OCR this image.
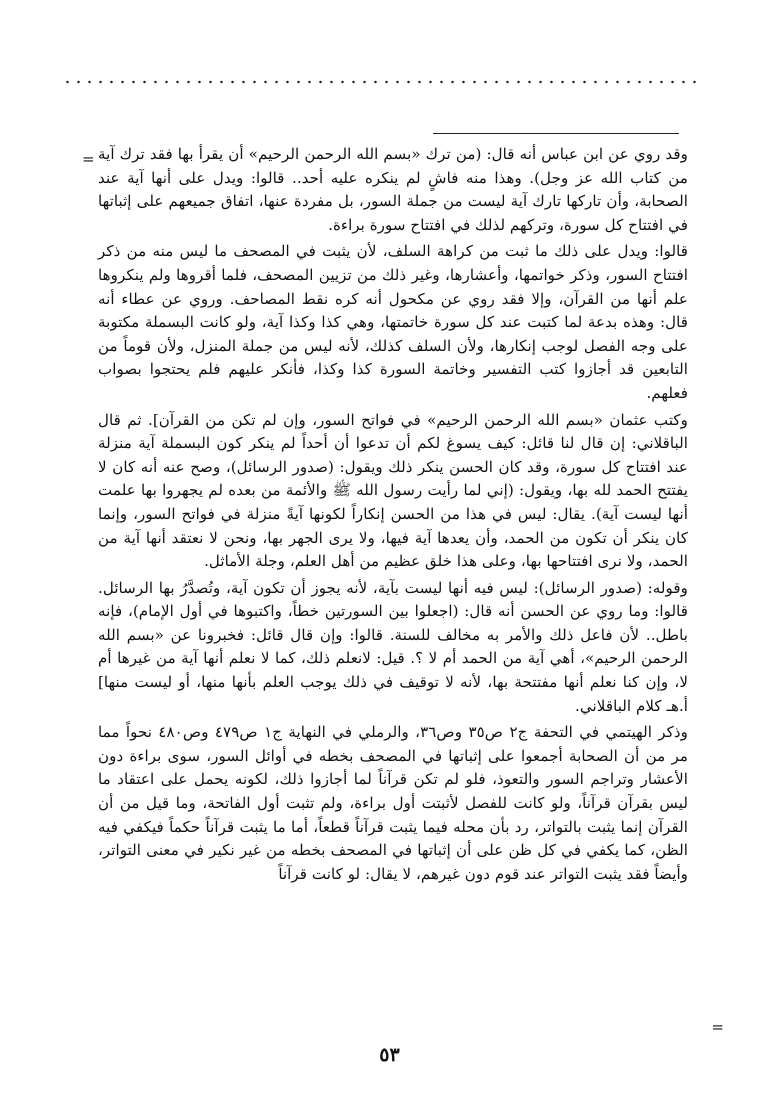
= وقد روي عن ابن عباس أنه قال: (من ترك «بسم الله الرحمن الرحيم» أن يقرأ بها فقد ترك آية من كتاب الله عز وجل). وهذا منه فاشٍ لم ينكره عليه أحد.. قالوا: ويدل على أنها آية عند الصحابة، وأن تاركها تارك آية ليست من جملة السور، بل مفردة عنها، اتفاق جميعهم على إثباتها في افتتاح كل سورة، وتركهم لذلك في افتتاح سورة براءة.

قالوا: ويدل على ذلك ما ثبت من كراهة السلف، لأن يثبت في المصحف ما ليس منه من ذكر افتتاح السور، وذكر خواتمها، وأعشارها، وغير ذلك من تزيين المصحف، فلما أقروها ولم ينكروها علم أنها من القرآن، وإلا فقد روي عن مكحول أنه كره نقط المصاحف. وروي عن عطاء أنه قال: وهذه بدعة لما كتبت عند كل سورة خاتمتها، وهي كذا وكذا آية، ولو كانت البسملة مكتوبة على وجه الفصل لوجب إنكارها، ولأن السلف كذلك، لأنه ليس من جملة المنزل، ولأن قوماً من التابعين قد أجازوا كتب التفسير وخاتمة السورة كذا وكذا، فأنكر عليهم فلم يحتجوا بصواب فعلهم.

وكتب عثمان «بسم الله الرحمن الرحيم» في فواتح السور، وإن لم تكن من القرآن]. ثم قال الباقلاني: إن قال لنا قائل: كيف يسوغ لكم أن تدعوا أن أحداً لم ينكر كون البسملة آية منزلة عند افتتاح كل سورة، وقد كان الحسن ينكر ذلك ويقول: (صدور الرسائل)، وصح عنه أنه كان لا يفتتح الحمد لله بها، ويقول: (إني لما رأيت رسول الله ﷺ والأئمة من بعده لم يجهروا بها علمت أنها ليست آية). يقال: ليس في هذا من الحسن إنكاراً لكونها آيةً منزلة في فواتح السور، وإنما كان ينكر أن تكون من الحمد، وأن يعدها آية فيها، ولا يرى الجهر بها، ونحن لا نعتقد أنها آية من الحمد، ولا نرى افتتاحها بها، وعلى هذا خلق عظيم من أهل العلم، وجلة الأماثل.

وقوله: (صدور الرسائل): ليس فيه أنها ليست بآية، لأنه يجوز أن تكون آية، وتُصدَّرُ بها الرسائل. قالوا: وما روي عن الحسن أنه قال: (اجعلوا بين السورتين خطاً، واكتبوها في أول الإمام)، فإنه باطل.. لأن فاعل ذلك والأمر به مخالف للسنة. قالوا: وإن قال قائل: فخبرونا عن «بسم الله الرحمن الرحيم»، أهي آية من الحمد أم لا ؟. قيل: لانعلم ذلك، كما لا نعلم أنها آية من غيرها أم لا، وإن كنا نعلم أنها مفتتحة بها، لأنه لا توقيف في ذلك يوجب العلم بأنها منها، أو ليست منها] أ.هـ كلام الباقلاني.

وذكر الهيتمي في التحفة ج٢ ص٣٥ وص٣٦، والرملي في النهاية ج١ ص٤٧٩ وص٤٨٠ نحواً مما مر من أن الصحابة أجمعوا على إثباتها في المصحف بخطه في أوائل السور، سوى براءة دون الأعشار وتراجم السور والتعوذ، فلو لم تكن قرآناً لما أجازوا ذلك، لكونه يحمل على اعتقاد ما ليس بقرآن قرآناً، ولو كانت للفصل لأثبتت أول براءة، ولم تثبت أول الفاتحة، وما قيل من أن القرآن إنما يثبت بالتواتر، رد بأن محله فيما يثبت قرآناً قطعاً، أما ما يثبت قرآناً حكماً فيكفي فيه الظن، كما يكفي في كل ظن على أن إثباتها في المصحف بخطه من غير نكير في معنى التواتر، وأيضاً فقد يثبت التواتر عند قوم دون غيرهم، لا يقال: لو كانت قرآناً

=
٥٣
